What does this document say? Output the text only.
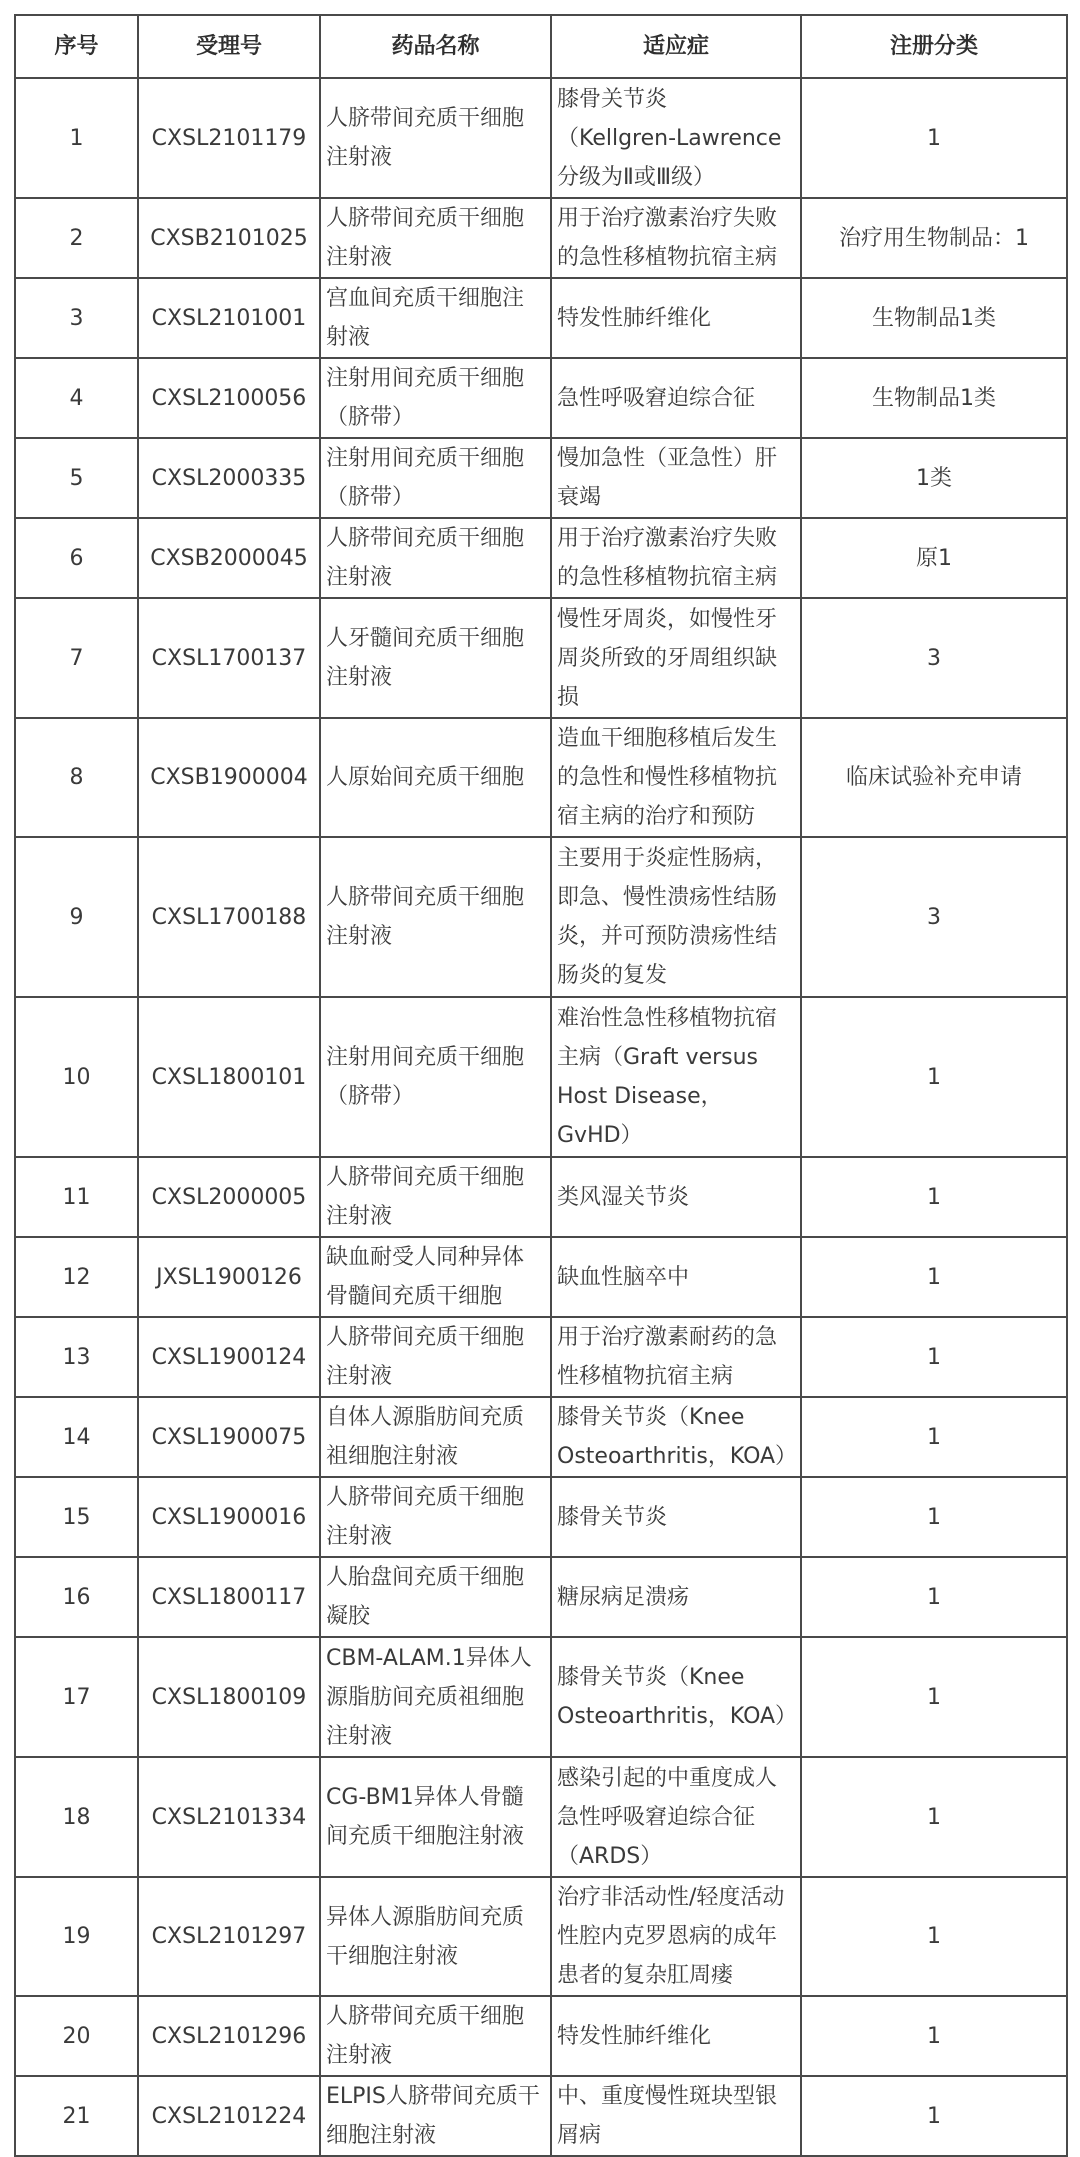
序号	受理号	药品名称	适应症	注册分类
1	CXSL2101179	人脐带间充质干细胞注射液	膝骨关节炎
（Kellgren-Lawrence分级为Ⅱ或Ⅲ级）	1
2	CXSB2101025	人脐带间充质干细胞注射液	用于治疗激素治疗失败的急性移植物抗宿主病	治疗用生物制品：1
3	CXSL2101001	宫血间充质干细胞注射液	特发性肺纤维化	生物制品1类
4	CXSL2100056	注射用间充质干细胞（脐带）	急性呼吸窘迫综合征	生物制品1类
5	CXSL2000335	注射用间充质干细胞（脐带）	慢加急性（亚急性）肝衰竭	1类
6	CXSB2000045	人脐带间充质干细胞注射液	用于治疗激素治疗失败的急性移植物抗宿主病	原1
7	CXSL1700137	人牙髓间充质干细胞注射液	慢性牙周炎，如慢性牙周炎所致的牙周组织缺损	3
8	CXSB1900004	人原始间充质干细胞	造血干细胞移植后发生的急性和慢性移植物抗宿主病的治疗和预防	临床试验补充申请
9	CXSL1700188	人脐带间充质干细胞注射液	主要用于炎症性肠病，即急、慢性溃疡性结肠炎，并可预防溃疡性结肠炎的复发	3
10	CXSL1800101	注射用间充质干细胞（脐带）	难治性急性移植物抗宿主病（Graft versus
Host Disease，
GvHD）	1
11	CXSL2000005	人脐带间充质干细胞注射液	类风湿关节炎	1
12	JXSL1900126	缺血耐受人同种异体骨髓间充质干细胞	缺血性脑卒中	1
13	CXSL1900124	人脐带间充质干细胞注射液	用于治疗激素耐药的急性移植物抗宿主病	1
14	CXSL1900075	自体人源脂肪间充质祖细胞注射液	膝骨关节炎（Knee
Osteoarthritis，KOA）	1
15	CXSL1900016	人脐带间充质干细胞注射液	膝骨关节炎	1
16	CXSL1800117	人胎盘间充质干细胞凝胶	糖尿病足溃疡	1
17	CXSL1800109	CBM-ALAM.1异体人源脂肪间充质祖细胞注射液	膝骨关节炎（Knee
Osteoarthritis，KOA）	1
18	CXSL2101334	CG-BM1异体人骨髓间充质干细胞注射液	感染引起的中重度成人急性呼吸窘迫综合征
（ARDS）	1
19	CXSL2101297	异体人源脂肪间充质干细胞注射液	治疗非活动性/轻度活动性腔内克罗恩病的成年患者的复杂肛周瘘	1
20	CXSL2101296	人脐带间充质干细胞注射液	特发性肺纤维化	1
21	CXSL2101224	ELPIS人脐带间充质干细胞注射液	中、重度慢性斑块型银屑病	1
